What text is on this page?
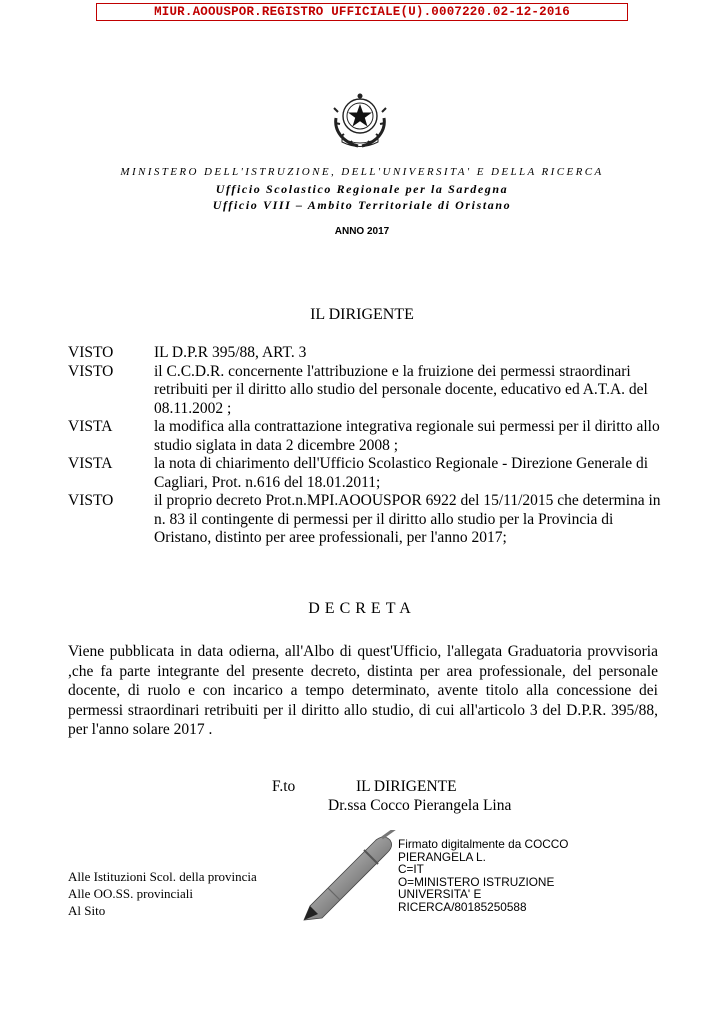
MIUR.AOOUSPOR.REGISTRO UFFICIALE(U).0007220.02-12-2016
MINISTERO DELL'ISTRUZIONE, DELL'UNIVERSITA' E DELLA RICERCA
Ufficio Scolastico Regionale per la Sardegna
Ufficio VIII – Ambito Territoriale di Oristano
ANNO 2017
IL DIRIGENTE
VISTO	IL D.P.R 395/88, ART. 3
VISTO	il C.C.D.R. concernente l'attribuzione e la fruizione dei permessi straordinari retribuiti per il diritto allo studio del personale docente, educativo ed A.T.A. del 08.11.2002 ;
VISTA	la modifica alla contrattazione integrativa regionale sui permessi per il diritto allo studio siglata in data 2 dicembre 2008 ;
VISTA	la nota di chiarimento dell'Ufficio Scolastico Regionale - Direzione Generale di Cagliari, Prot. n.616 del 18.01.2011;
VISTO	il proprio decreto Prot.n.MPI.AOOUSPOR 6922 del 15/11/2015 che determina in n. 83 il contingente di permessi per il diritto allo studio per la Provincia di Oristano, distinto per aree professionali, per l'anno 2017;
DECRETA
Viene pubblicata in data odierna, all'Albo di quest'Ufficio, l'allegata Graduatoria provvisoria ,che fa parte integrante del presente decreto, distinta per area professionale, del personale docente, di ruolo e con incarico a tempo determinato, avente titolo alla concessione dei permessi straordinari retribuiti per il diritto allo studio, di cui all'articolo 3 del D.P.R. 395/88, per l'anno solare 2017 .
F.to	IL DIRIGENTE
Dr.ssa Cocco Pierangela Lina
Alle Istituzioni Scol. della provincia
Alle OO.SS. provinciali
Al Sito
Firmato digitalmente da COCCO
PIERANGELA L.
C=IT
O=MINISTERO ISTRUZIONE
UNIVERSITA' E
RICERCA/80185250588
